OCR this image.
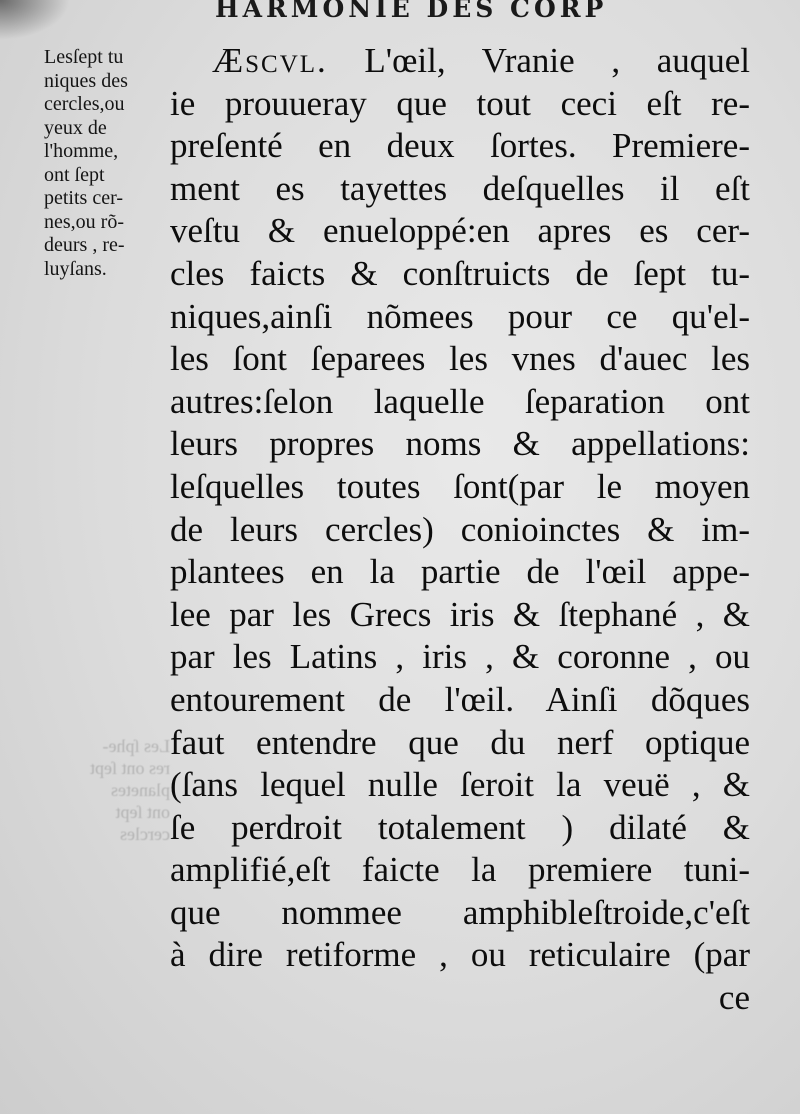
HARMONIE DES CORP
Lesſept tu
niques des
cercles,ou
yeux de
l'homme,
ont ſept
petits cer-
nes,ou rõ-
deurs , re-
luyſans.
Les ſphe-
res ont ſept
planetes
ont ſept
cercles
Æscvl. L'œil, Vranie , auquel
ie prouueray que tout ceci eſt re-
preſenté en deux ſortes. Premiere-
ment es tayettes deſquelles il eſt
veſtu & enueloppé:en apres es cer-
cles faicts & conſtruicts de ſept tu-
niques,ainſi nõmees pour ce qu'el-
les ſont ſeparees les vnes d'auec les
autres:ſelon laquelle ſeparation ont
leurs propres noms & appellations:
leſquelles toutes ſont(par le moyen
de leurs cercles) conioinctes & im-
plantees en la partie de l'œil appe-
lee par les Grecs iris & ſtephané , &
par les Latins , iris , & coronne , ou
entourement de l'œil. Ainſi dõques
faut entendre que du nerf optique
(ſans lequel nulle ſeroit la veuë , &
ſe perdroit totalement ) dilaté &
amplifié,eſt faicte la premiere tuni-
que nommee amphibleſtroide,c'eſt
à dire retiforme , ou reticulaire (par
ce
